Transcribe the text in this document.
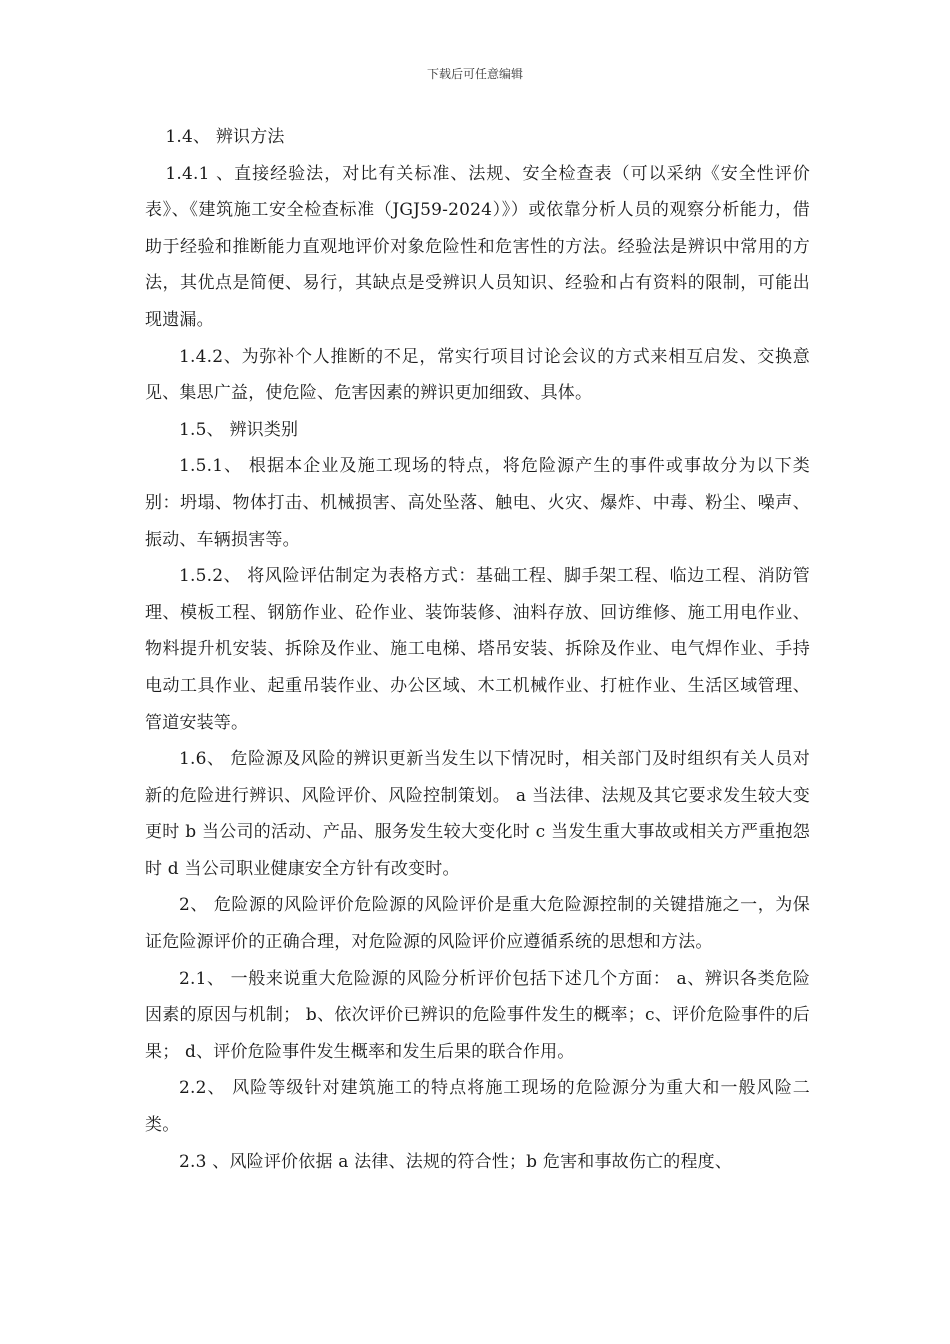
下载后可任意编辑

1.4、 辨识方法

1.4.1 、直接经验法，对比有关标准、法规、安全检查表（可以采纳《安全性评价表》、《建筑施工安全检查标准（JGJ59-2024）》）或依靠分析人员的观察分析能力，借助于经验和推断能力直观地评价对象危险性和危害性的方法。经验法是辨识中常用的方法，其优点是简便、易行，其缺点是受辨识人员知识、经验和占有资料的限制，可能出现遗漏。

1.4.2、为弥补个人推断的不足，常实行项目讨论会议的方式来相互启发、交换意见、集思广益，使危险、危害因素的辨识更加细致、具体。

1.5、 辨识类别

1.5.1、 根据本企业及施工现场的特点，将危险源产生的事件或事故分为以下类别：坍塌、物体打击、机械损害、高处坠落、触电、火灾、爆炸、中毒、粉尘、噪声、振动、车辆损害等。

1.5.2、 将风险评估制定为表格方式：基础工程、脚手架工程、临边工程、消防管理、模板工程、钢筋作业、砼作业、装饰装修、油料存放、回访维修、施工用电作业、物料提升机安装、拆除及作业、施工电梯、塔吊安装、拆除及作业、电气焊作业、手持电动工具作业、起重吊装作业、办公区域、木工机械作业、打桩作业、生活区域管理、管道安装等。

1.6、 危险源及风险的辨识更新当发生以下情况时，相关部门及时组织有关人员对新的危险进行辨识、风险评价、风险控制策划。 a 当法律、法规及其它要求发生较大变更时 b 当公司的活动、产品、服务发生较大变化时 c 当发生重大事故或相关方严重抱怨时 d 当公司职业健康安全方针有改变时。

2、 危险源的风险评价危险源的风险评价是重大危险源控制的关键措施之一，为保证危险源评价的正确合理，对危险源的风险评价应遵循系统的思想和方法。

2.1、 一般来说重大危险源的风险分析评价包括下述几个方面： a、辨识各类危险因素的原因与机制； b、依次评价已辨识的危险事件发生的概率；c、评价危险事件的后果； d、评价危险事件发生概率和发生后果的联合作用。

2.2、 风险等级针对建筑施工的特点将施工现场的危险源分为重大和一般风险二类。

2.3 、风险评价依据 a 法律、法规的符合性；b 危害和事故伤亡的程度、
